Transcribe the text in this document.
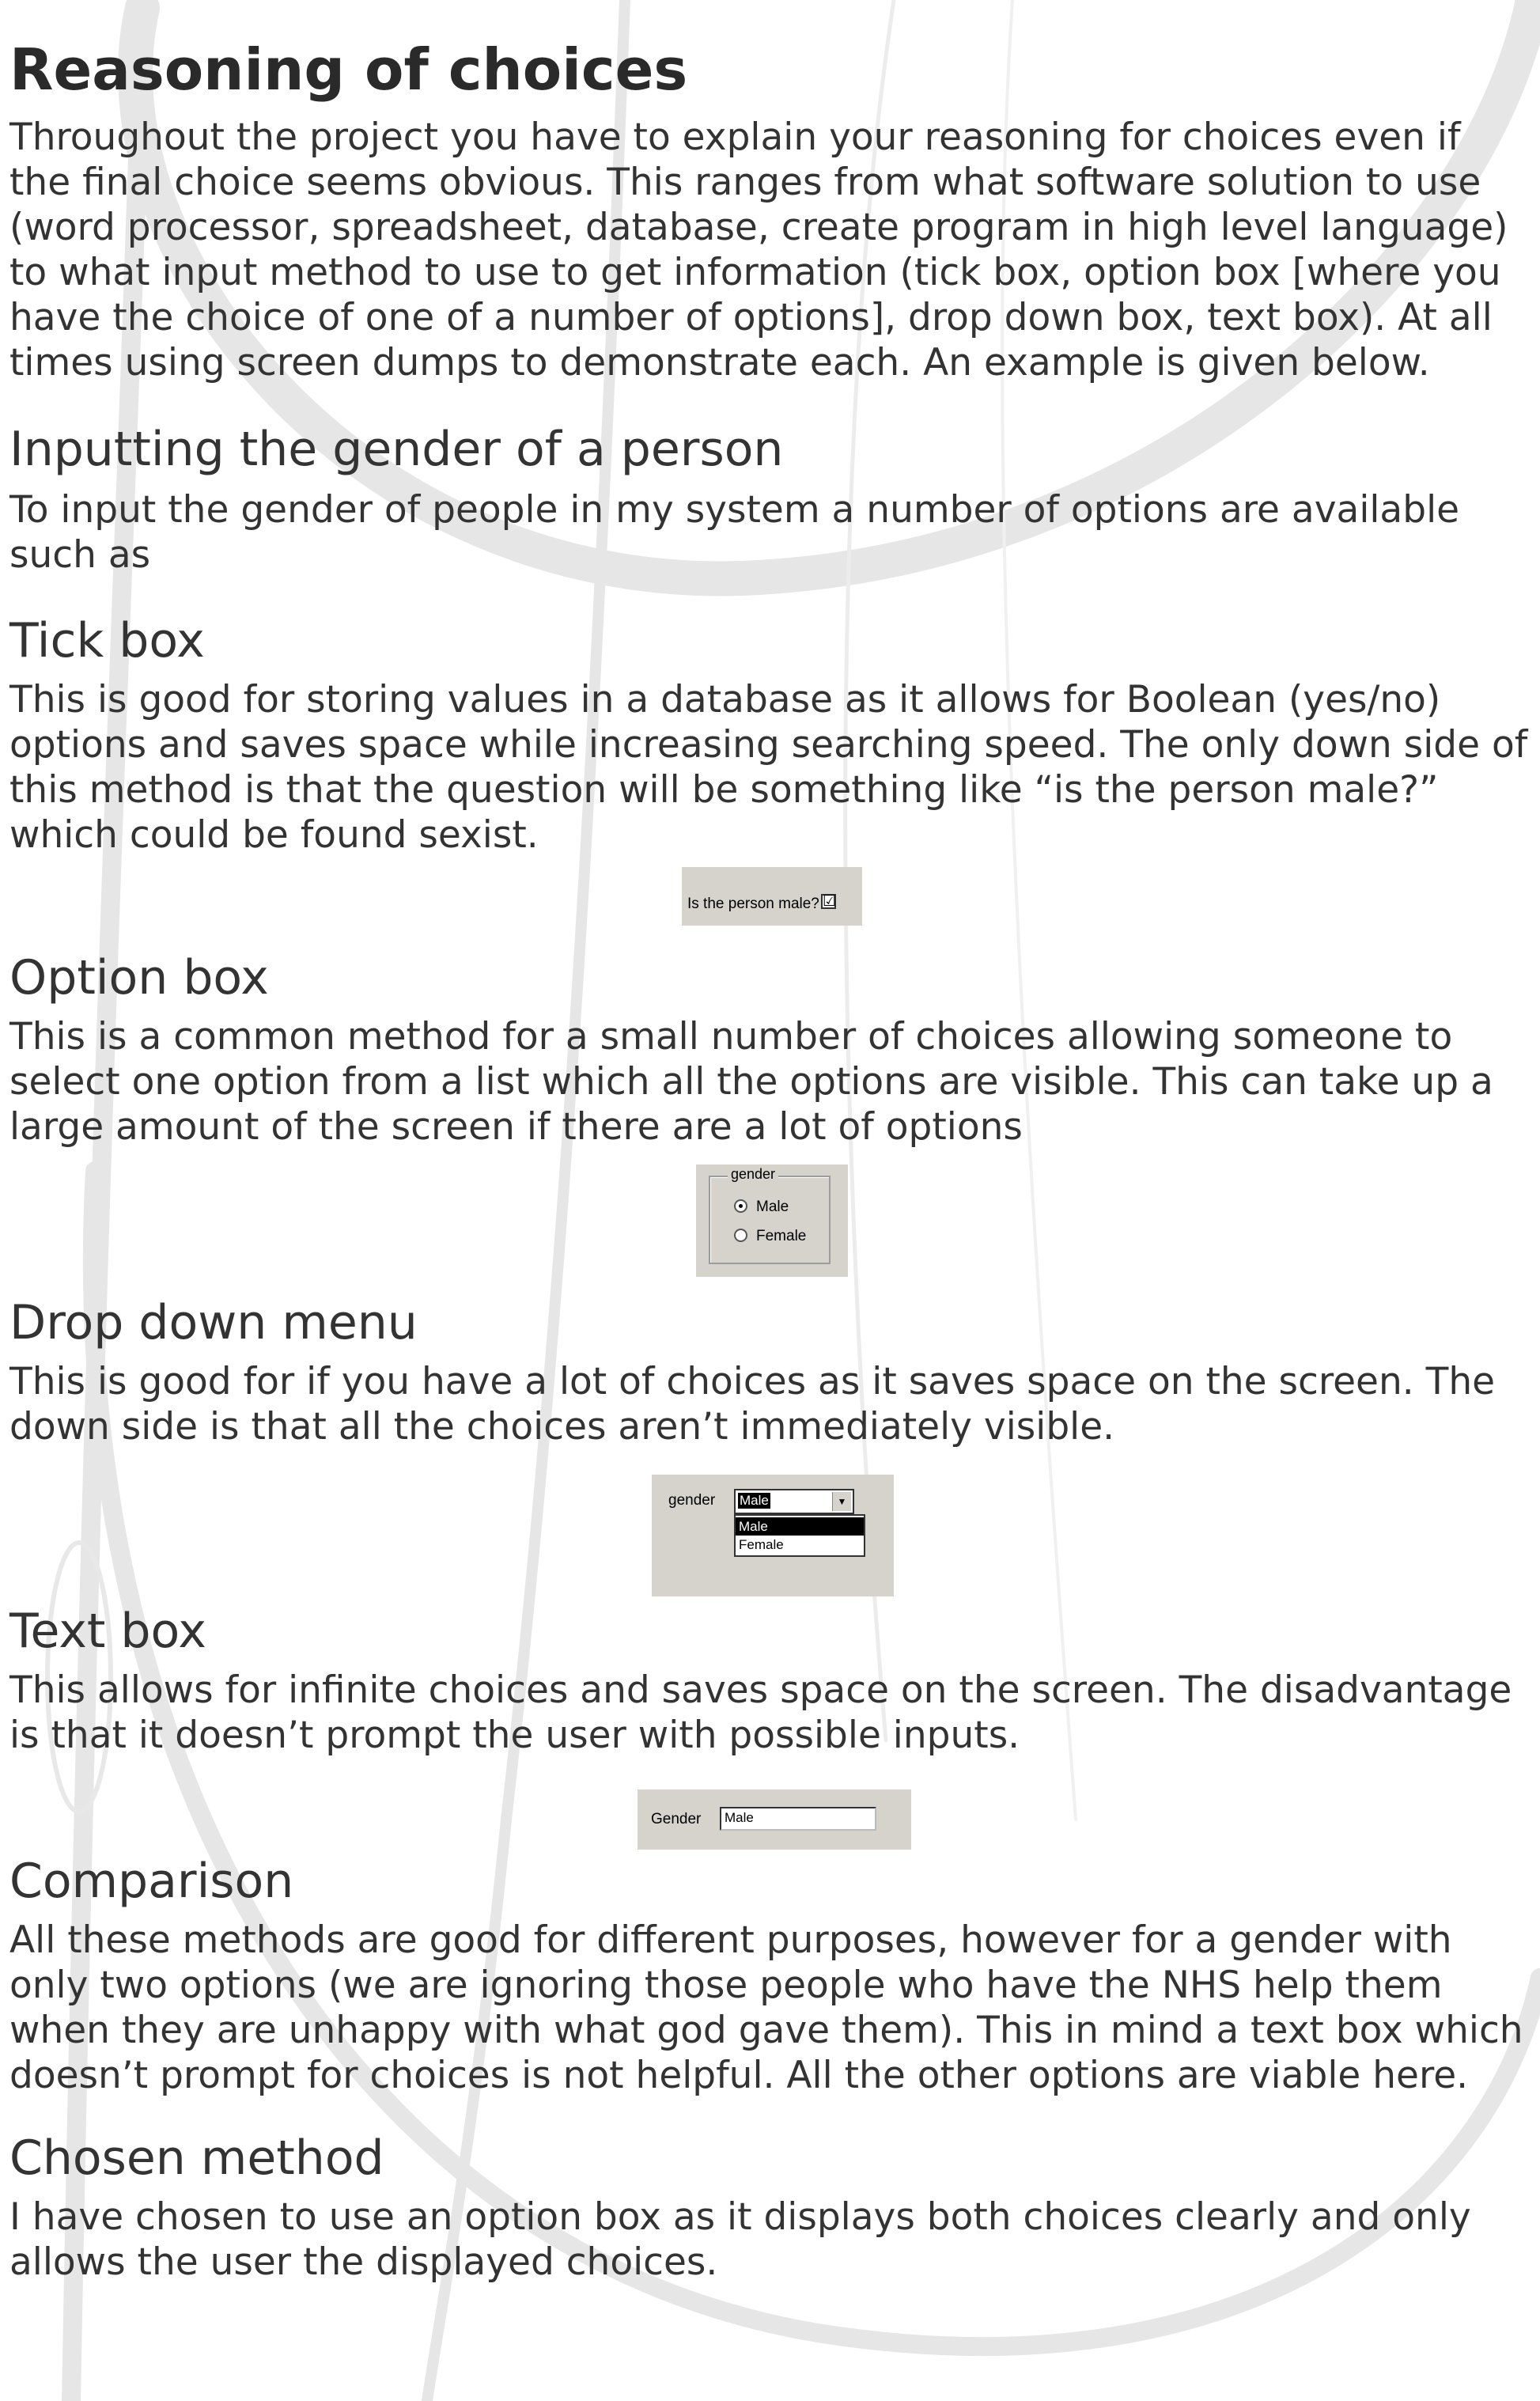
Reasoning of choices

Throughout the project you have to explain your reasoning for choices even if
the final choice seems obvious. This ranges from what software solution to use
(word processor, spreadsheet, database, create program in high level language)
to what input method to use to get information (tick box, option box [where you
have the choice of one of a number of options], drop down box, text box). At all
times using screen dumps to demonstrate each. An example is given below.

Inputting the gender of a person

To input the gender of people in my system a number of options are available
such as

Tick box

This is good for storing values in a database as it allows for Boolean (yes/no)
options and saves space while increasing searching speed. The only down side of
this method is that the question will be something like “is the person male?”
which could be found sexist.

Option box

This is a common method for a small number of choices allowing someone to
select one option from a list which all the options are visible. This can take up a
large amount of the screen if there are a lot of options

Drop down menu

This is good for if you have a lot of choices as it saves space on the screen. The
down side is that all the choices aren’t immediately visible.

Text box

This allows for infinite choices and saves space on the screen. The disadvantage
is that it doesn’t prompt the user with possible inputs.

Comparison

All these methods are good for different purposes, however for a gender with
only two options (we are ignoring those people who have the NHS help them
when they are unhappy with what god gave them). This in mind a text box which
doesn’t prompt for choices is not helpful. All the other options are viable here.

Chosen method

I have chosen to use an option box as it displays both choices clearly and only
allows the user the displayed choices.

Is the person male? ☑
gender
Male
Female
gender Male	▼
Male
Female
Gender	Male
